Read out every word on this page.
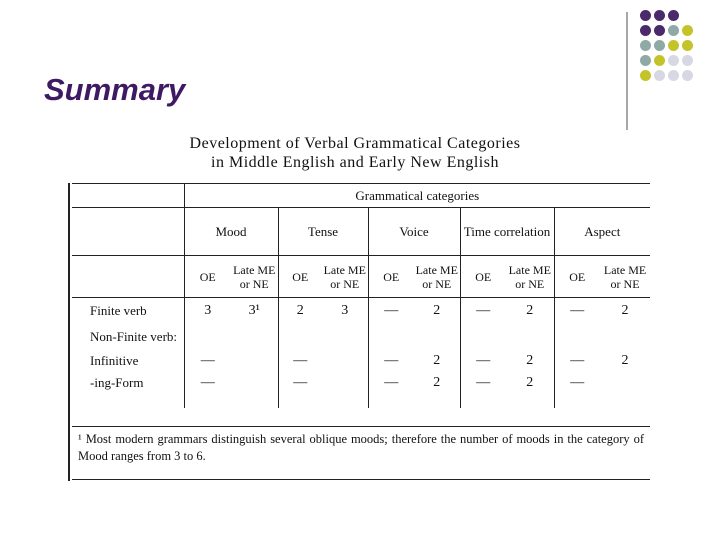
Summary
Development of Verbal Grammatical Categories
in Middle English and Early New English
	Grammatical categories									
	Mood		Tense		Voice		Time correlation		Aspect	
	OE	Late ME or NE	OE	Late ME or NE	OE	Late ME or NE	OE	Late ME or NE	OE	Late ME or NE
Finite verb	3	3¹	2	3	—	2	—	2	—	2
Non-Finite verb:										
Infinitive	—		—		—	2	—	2	—	2
-ing-Form	—		—		—	2	—	2	—	

¹ Most modern grammars distinguish several oblique moods; therefore the number of moods in the category of Mood ranges from 3 to 6.
